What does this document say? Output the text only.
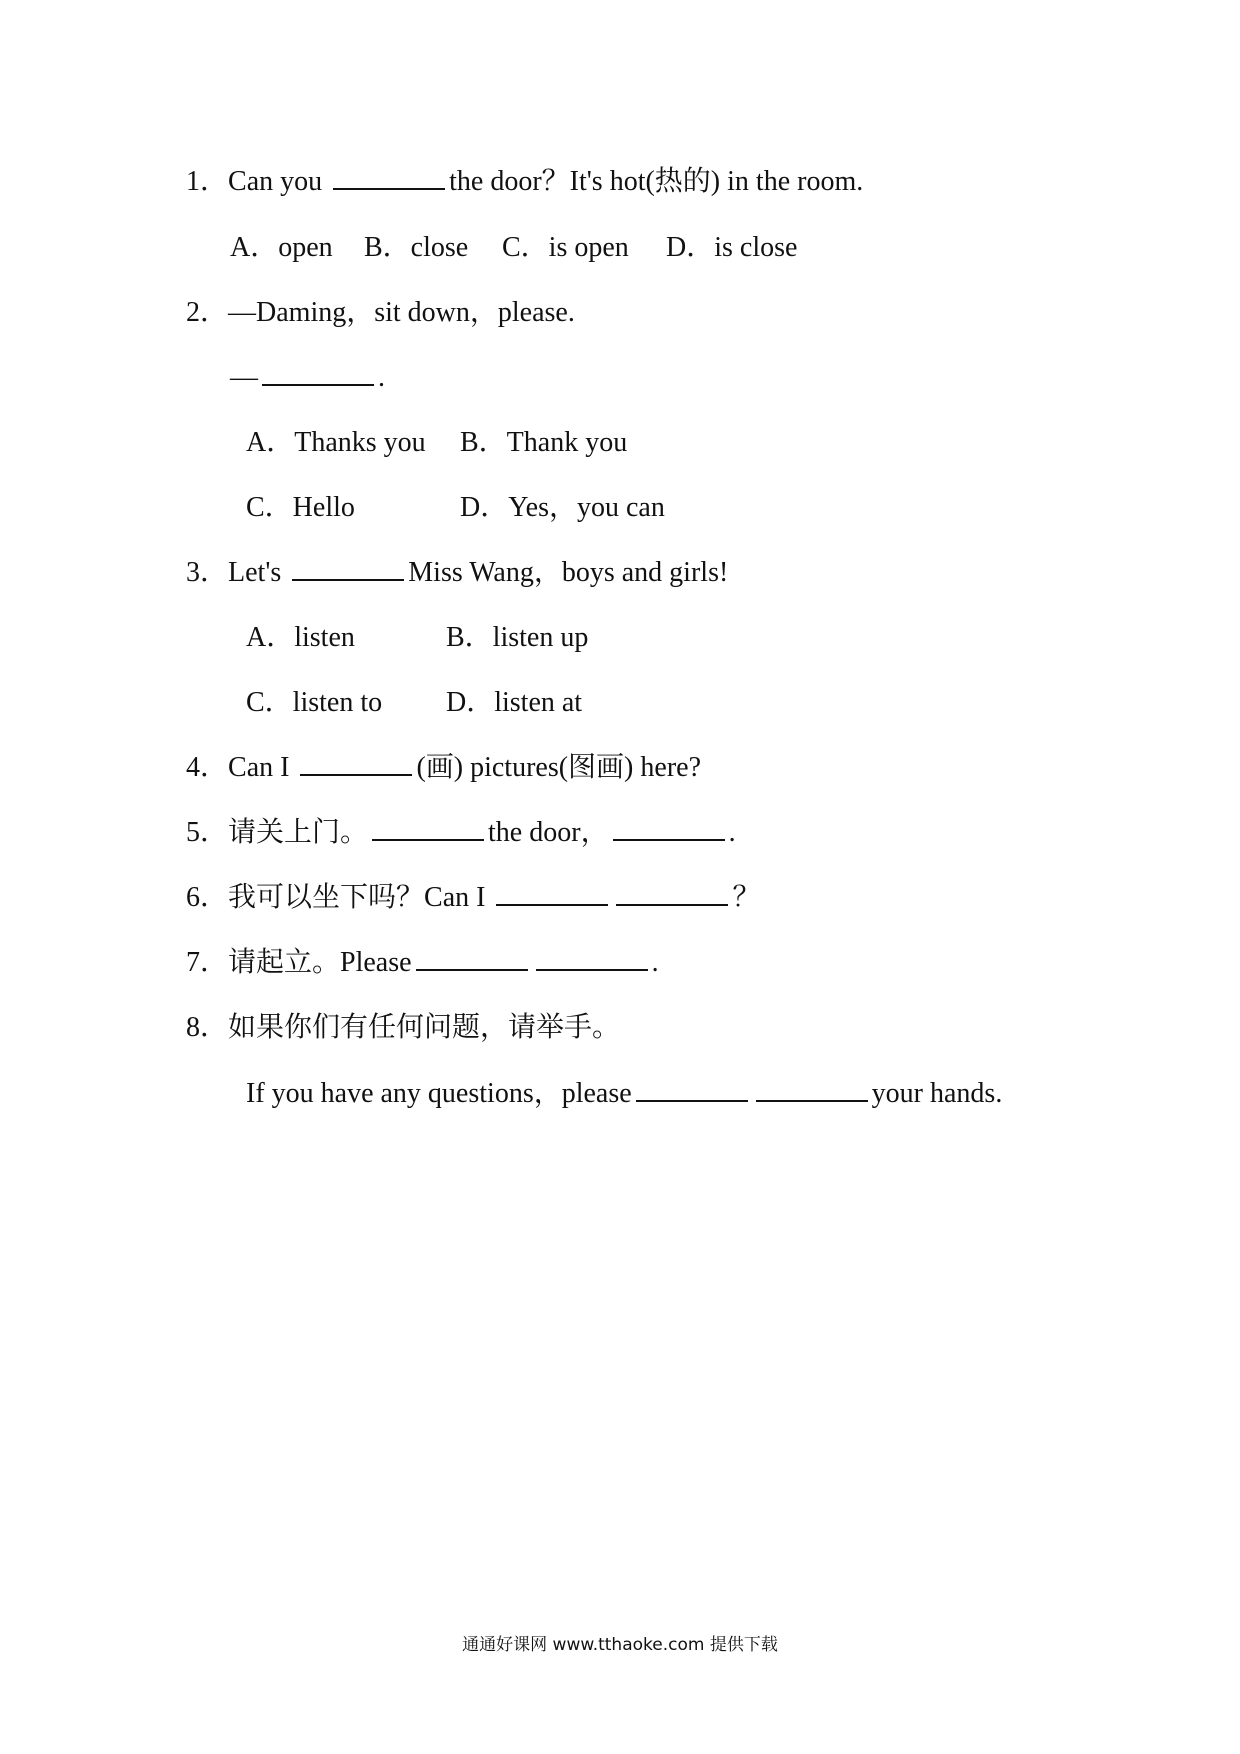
1．Can you	the door？It's hot(热的) in the room.
A．open B．close C．is open D．is close
2．—Daming，sit down，please.
—	.
A．Thanks you B．Thank you
C．Hello	D．Yes，you can
3．Let's	Miss Wang，boys and girls!
A．listen	B．listen up
C．listen to D．listen at
4．Can I	(画) pictures(图画) here?
5．请关上门。	the door，	.
6．我可以坐下吗？Can I	？
7．请起立。Please	.
8．如果你们有任何问题，请举手。
If you have any questions，please	your hands.
通通好课网 www.tthaoke.com 提供下载
